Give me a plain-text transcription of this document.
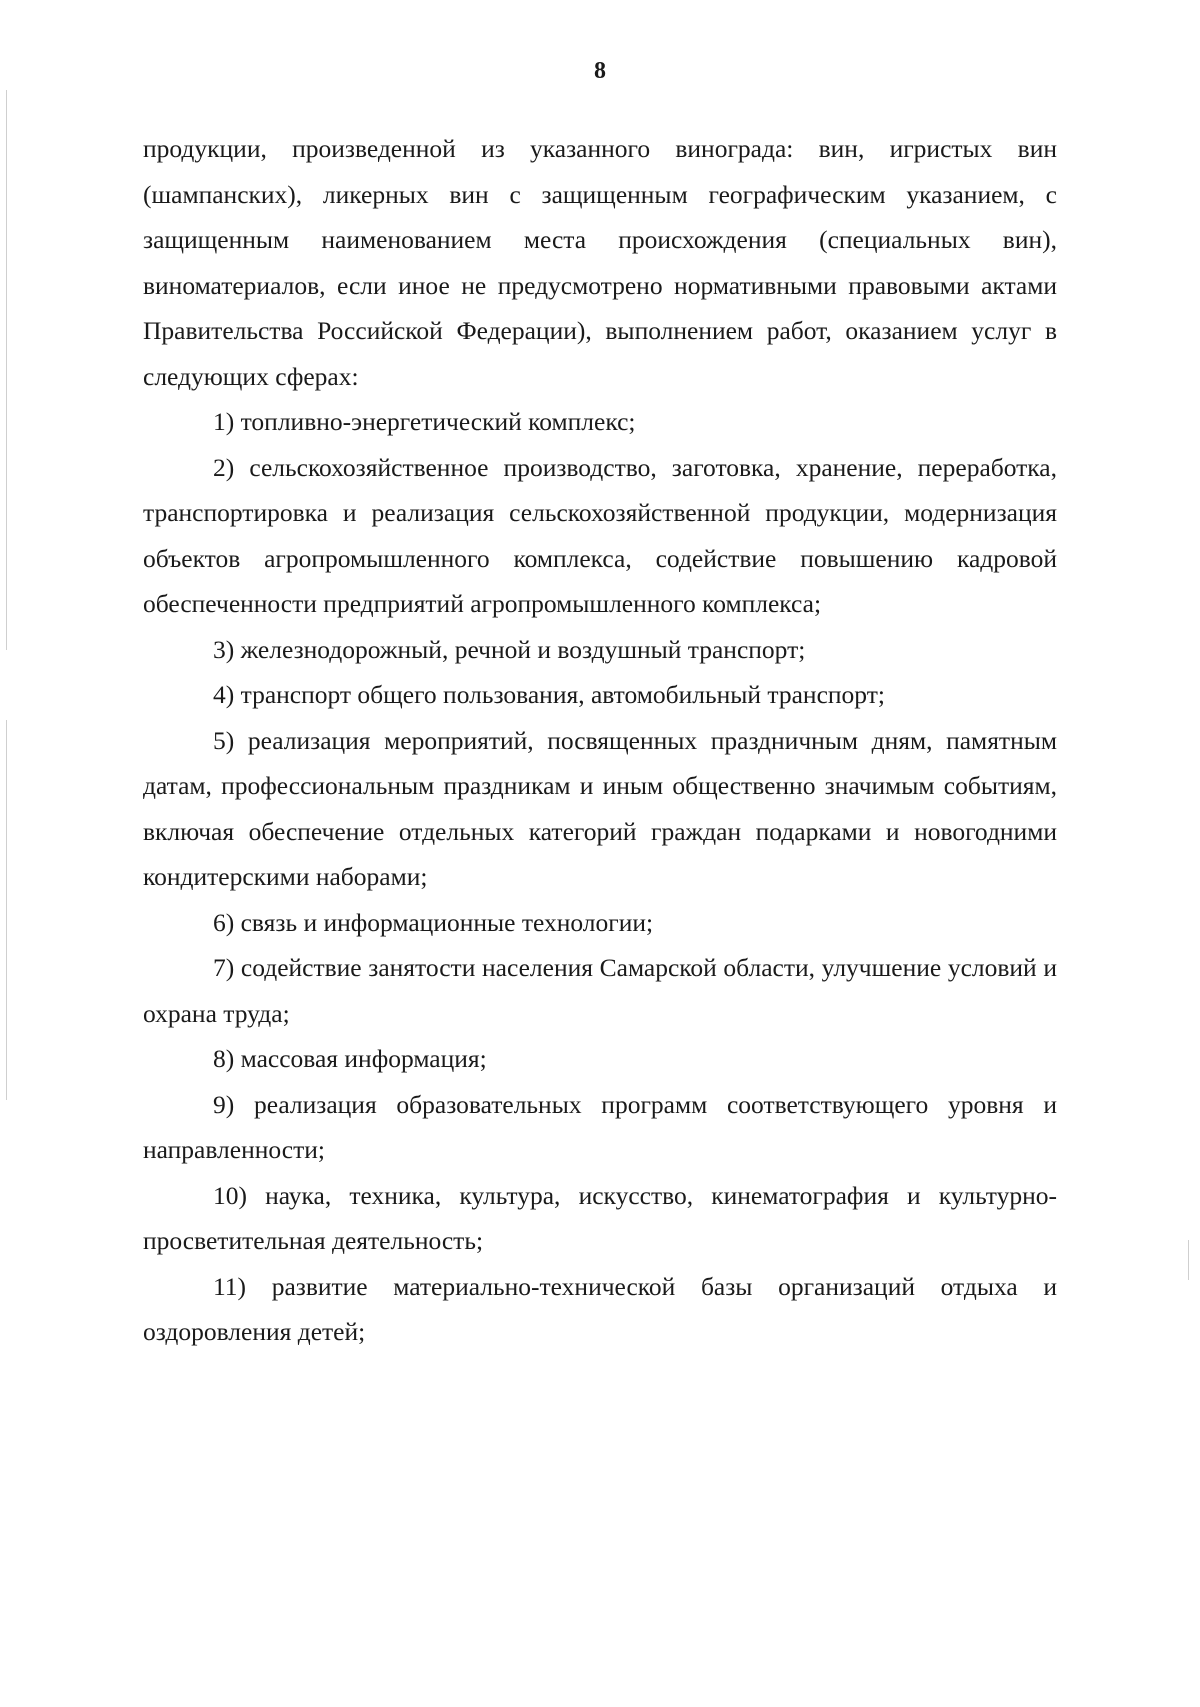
8

продукции, произведенной из указанного винограда: вин, игристых вин (шампанских), ликерных вин с защищенным географическим указанием, с защищенным наименованием места происхождения (специальных вин), виноматериалов, если иное не предусмотрено нормативными правовыми актами Правительства Российской Федерации), выполнением работ, оказанием услуг в следующих сферах:

1) топливно-энергетический комплекс;

2) сельскохозяйственное производство, заготовка, хранение, переработка, транспортировка и реализация сельскохозяйственной продукции, модернизация объектов агропромышленного комплекса, содействие повышению кадровой обеспеченности предприятий агропромышленного комплекса;

3) железнодорожный, речной и воздушный транспорт;

4) транспорт общего пользования, автомобильный транспорт;

5) реализация мероприятий, посвященных праздничным дням, памятным датам, профессиональным праздникам и иным общественно значимым событиям, включая обеспечение отдельных категорий граждан подарками и новогодними кондитерскими наборами;

6) связь и информационные технологии;

7) содействие занятости населения Самарской области, улучшение условий и охрана труда;

8) массовая информация;

9) реализация образовательных программ соответствующего уровня и направленности;

10) наука, техника, культура, искусство, кинематография и культурно-просветительная деятельность;

11) развитие материально-технической базы организаций отдыха и оздоровления детей;
